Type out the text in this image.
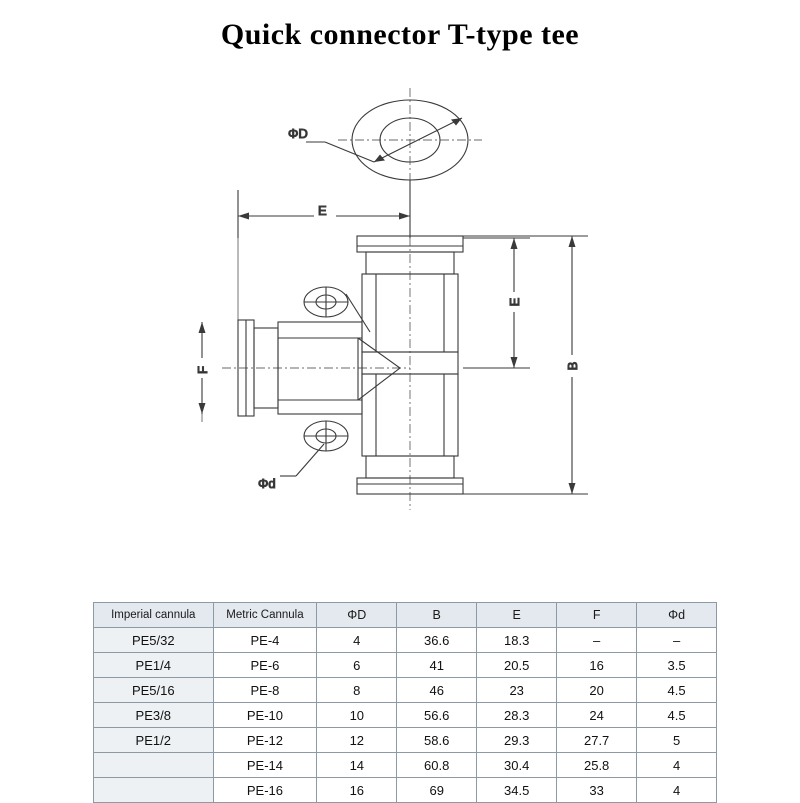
Quick connector T-type tee
ΦD
E
Φd
F
E
B
Imperial cannula	Metric Cannula	ΦD	B	E	F	Φd
PE5/32	PE-4	4	36.6	18.3	–	–
PE1/4	PE-6	6	41	20.5	16	3.5
PE5/16	PE-8	8	46	23	20	4.5
PE3/8	PE-10	10	56.6	28.3	24	4.5
PE1/2	PE-12	12	58.6	29.3	27.7	5
	PE-14	14	60.8	30.4	25.8	4
	PE-16	16	69	34.5	33	4
